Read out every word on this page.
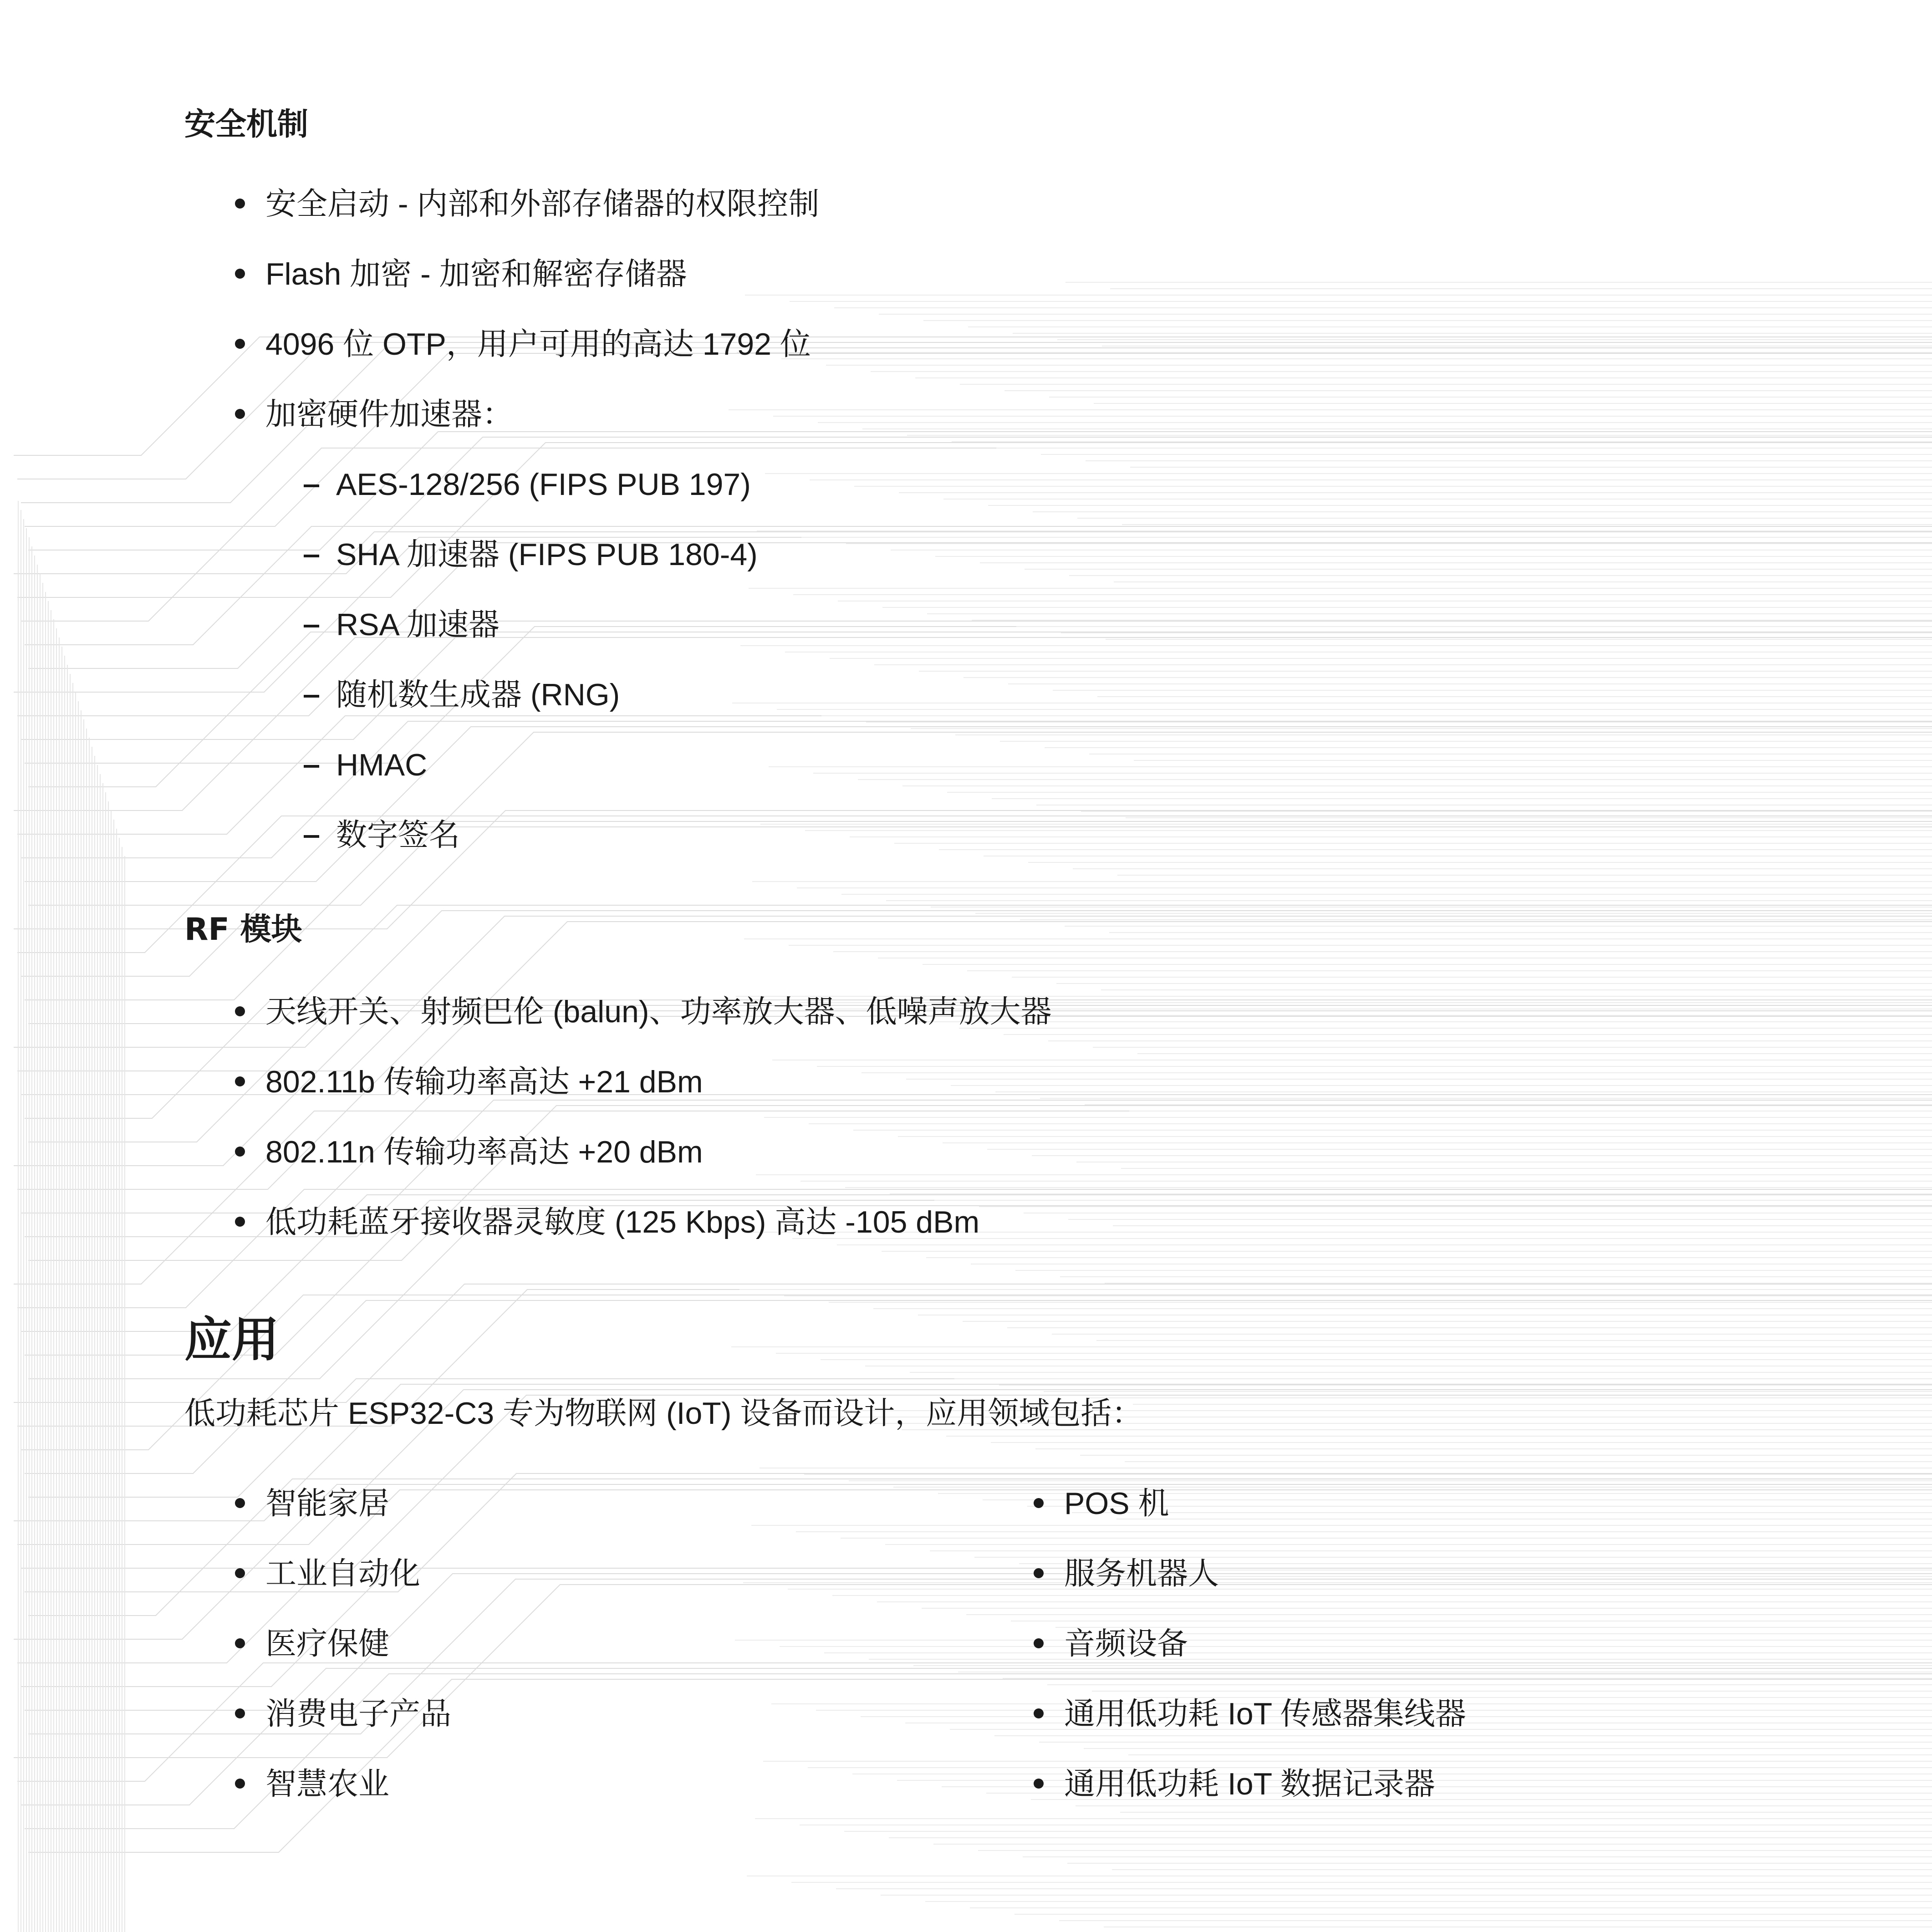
安全机制
安全启动 - 内部和外部存储器的权限控制
Flash 加密 - 加密和解密存储器
4096 位 OTP，用户可用的高达 1792 位
加密硬件加速器：
AES-128/256 (FIPS PUB 197)
SHA 加速器 (FIPS PUB 180-4)
RSA 加速器
随机数生成器 (RNG)
HMAC
数字签名
RF 模块
天线开关、射频巴伦 (balun)、功率放大器、低噪声放大器
802.11b 传输功率高达 +21 dBm
802.11n 传输功率高达 +20 dBm
低功耗蓝牙接收器灵敏度 (125 Kbps) 高达 -105 dBm
应用
低功耗芯片 ESP32-C3 专为物联网 (IoT) 设备而设计，应用领域包括：
智能家居
工业自动化
医疗保健
消费电子产品
智慧农业
POS 机
服务机器人
音频设备
通用低功耗 IoT 传感器集线器
通用低功耗 IoT 数据记录器
